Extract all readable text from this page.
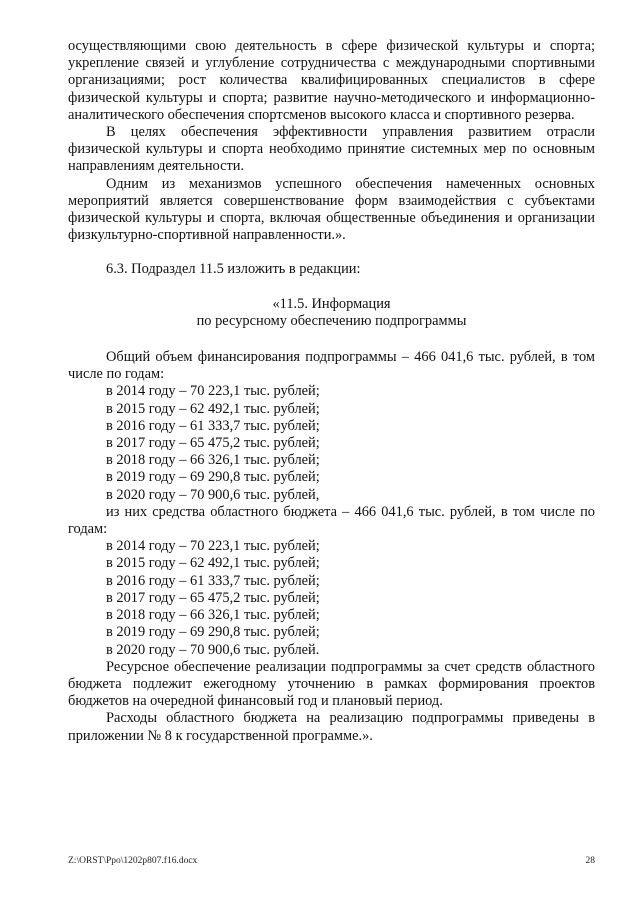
осуществляющими свою деятельность в сфере физической культуры и спорта; укрепление связей и углубление сотрудничества с международными спортивными организациями; рост количества квалифицированных специалистов в сфере физической культуры и спорта; развитие научно-методического и информационно-аналитического обеспечения спортсменов высокого класса и спортивного резерва.
В целях обеспечения эффективности управления развитием отрасли физической культуры и спорта необходимо принятие системных мер по основным направлениям деятельности.
Одним из механизмов успешного обеспечения намеченных основных мероприятий является совершенствование форм взаимодействия с субъектами физической культуры и спорта, включая общественные объединения и организации физкультурно-спортивной направленности.».
6.3. Подраздел 11.5 изложить в редакции:
«11.5. Информация
по ресурсному обеспечению подпрограммы
Общий объем финансирования подпрограммы – 466 041,6 тыс. рублей, в том числе по годам:
в 2014 году – 70 223,1 тыс. рублей;
в 2015 году – 62 492,1 тыс. рублей;
в 2016 году – 61 333,7 тыс. рублей;
в 2017 году – 65 475,2 тыс. рублей;
в 2018 году – 66 326,1 тыс. рублей;
в 2019 году – 69 290,8 тыс. рублей;
в 2020 году – 70 900,6 тыс. рублей,
из них средства областного бюджета – 466 041,6 тыс. рублей, в том числе по годам:
в 2014 году – 70 223,1 тыс. рублей;
в 2015 году – 62 492,1 тыс. рублей;
в 2016 году – 61 333,7 тыс. рублей;
в 2017 году – 65 475,2 тыс. рублей;
в 2018 году – 66 326,1 тыс. рублей;
в 2019 году – 69 290,8 тыс. рублей;
в 2020 году – 70 900,6 тыс. рублей.
Ресурсное обеспечение реализации подпрограммы за счет средств областного бюджета подлежит ежегодному уточнению в рамках формирования проектов бюджетов на очередной финансовый год и плановый период.
Расходы областного бюджета на реализацию подпрограммы приведены в приложении № 8 к государственной программе.».
Z:\ORST\Ppo\1202p807.f16.docx	28
